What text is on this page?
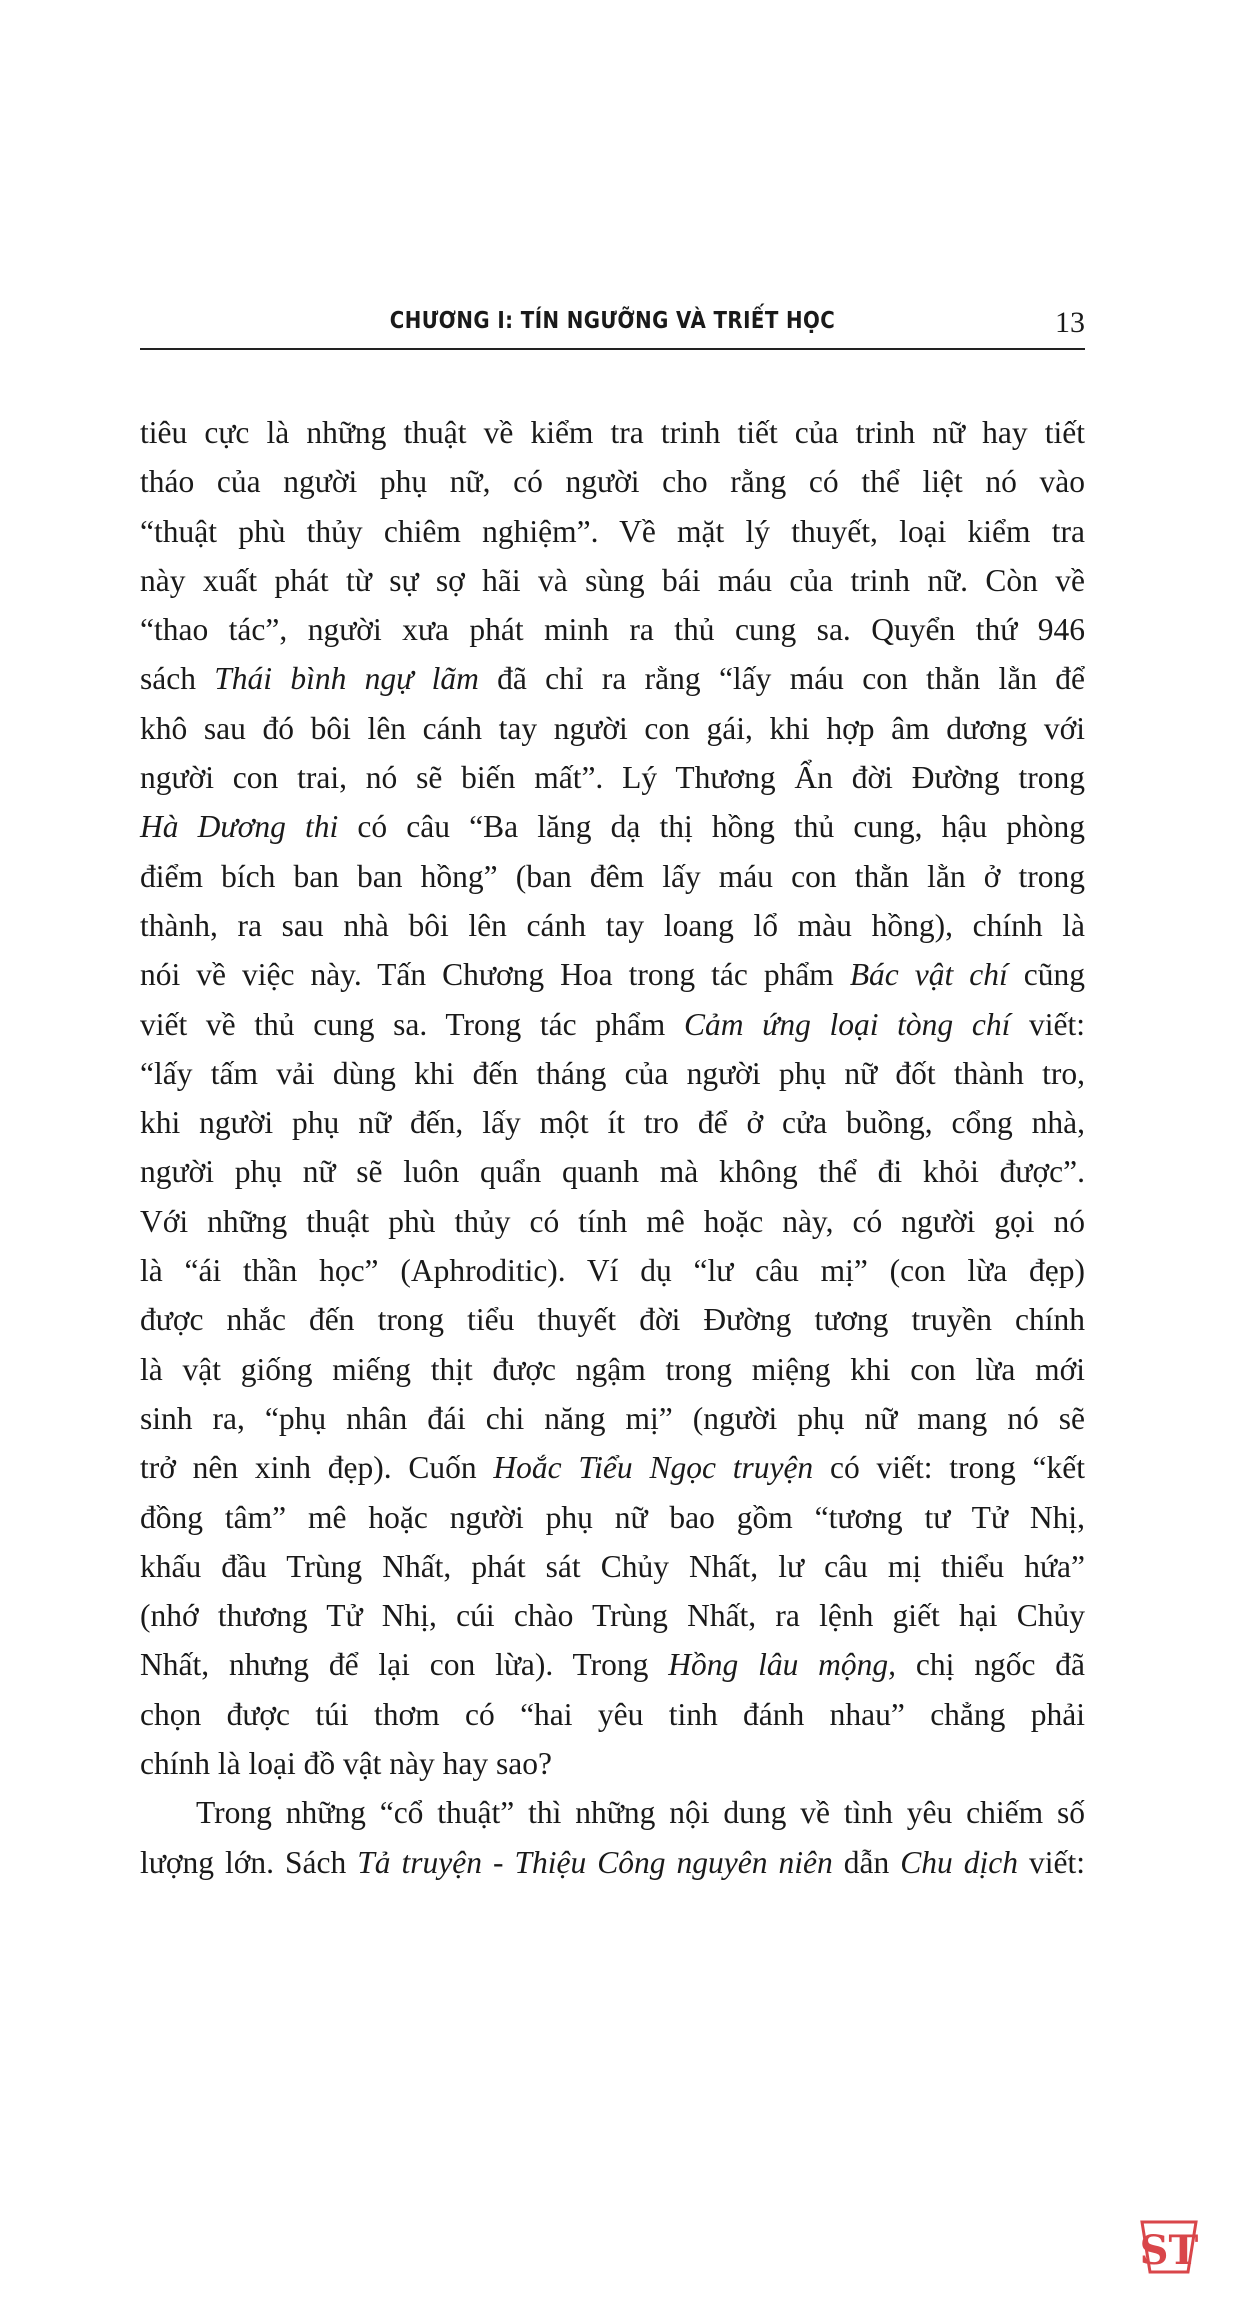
CHƯƠNG I: TÍN NGƯỠNG VÀ TRIẾT HỌC	13
tiêu cực là những thuật về kiểm tra trinh tiết của trinh nữ hay tiết
tháo của người phụ nữ, có người cho rằng có thể liệt nó vào
“thuật phù thủy chiêm nghiệm”. Về mặt lý thuyết, loại kiểm tra
này xuất phát từ sự sợ hãi và sùng bái máu của trinh nữ. Còn về
“thao tác”, người xưa phát minh ra thủ cung sa. Quyển thứ 946
sách Thái bình ngự lãm đã chỉ ra rằng “lấy máu con thằn lằn để
khô sau đó bôi lên cánh tay người con gái, khi hợp âm dương với
người con trai, nó sẽ biến mất”. Lý Thương Ẩn đời Đường trong
Hà Dương thi có câu “Ba lăng dạ thị hồng thủ cung, hậu phòng
điểm bích ban ban hồng” (ban đêm lấy máu con thằn lằn ở trong
thành, ra sau nhà bôi lên cánh tay loang lổ màu hồng), chính là
nói về việc này. Tấn Chương Hoa trong tác phẩm Bác vật chí cũng
viết về thủ cung sa. Trong tác phẩm Cảm ứng loại tòng chí viết:
“lấy tấm vải dùng khi đến tháng của người phụ nữ đốt thành tro,
khi người phụ nữ đến, lấy một ít tro để ở cửa buồng, cổng nhà,
người phụ nữ sẽ luôn quẩn quanh mà không thể đi khỏi được”.
Với những thuật phù thủy có tính mê hoặc này, có người gọi nó
là “ái thần học” (Aphroditic). Ví dụ “lư câu mị” (con lừa đẹp)
được nhắc đến trong tiểu thuyết đời Đường tương truyền chính
là vật giống miếng thịt được ngậm trong miệng khi con lừa mới
sinh ra, “phụ nhân đái chi năng mị” (người phụ nữ mang nó sẽ
trở nên xinh đẹp). Cuốn Hoắc Tiểu Ngọc truyện có viết: trong “kết
đồng tâm” mê hoặc người phụ nữ bao gồm “tương tư Tử Nhị,
khấu đầu Trùng Nhất, phát sát Chủy Nhất, lư câu mị thiểu hứa”
(nhớ thương Tử Nhị, cúi chào Trùng Nhất, ra lệnh giết hại Chủy
Nhất, nhưng để lại con lừa). Trong Hồng lâu mộng, chị ngốc đã
chọn được túi thơm có “hai yêu tinh đánh nhau” chẳng phải
chính là loại đồ vật này hay sao?
Trong những “cổ thuật” thì những nội dung về tình yêu chiếm số
lượng lớn. Sách Tả truyện - Thiệu Công nguyên niên dẫn Chu dịch viết:
ST
